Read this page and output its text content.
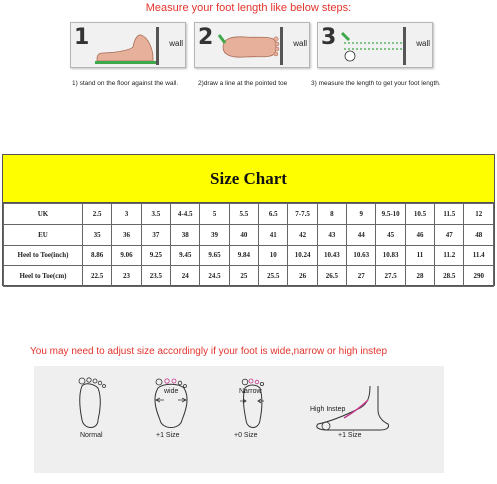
Measure your foot length like below steps:
1	wall 2	wall 3	wall
1) stand on the floor against the wall.	2)draw a line at the pointed toe	3) measure the length to get your foot length.
Size Chart
UK	2.5	3	3.5	4-4.5	5	5.5	6.5	7-7.5	8	9	9.5-10	10.5	11.5	12
EU	35	36	37	38	39	40	41	42	43	44	45	46	47	48
Heel to Toe(inch)	8.86	9.06	9.25	9.45	9.65	9.84	10	10.24	10.43	10.63	10.83	11	11.2	11.4
Heel to Toe(cm)	22.5	23	23.5	24	24.5	25	25.5	26	26.5	27	27.5	28	28.5	290
You may need to adjust size accordingly if your foot is wide,narrow or high instep
Normal
wide
+1 Size
Narrow
+0 Size
High Instep
+1 Size
